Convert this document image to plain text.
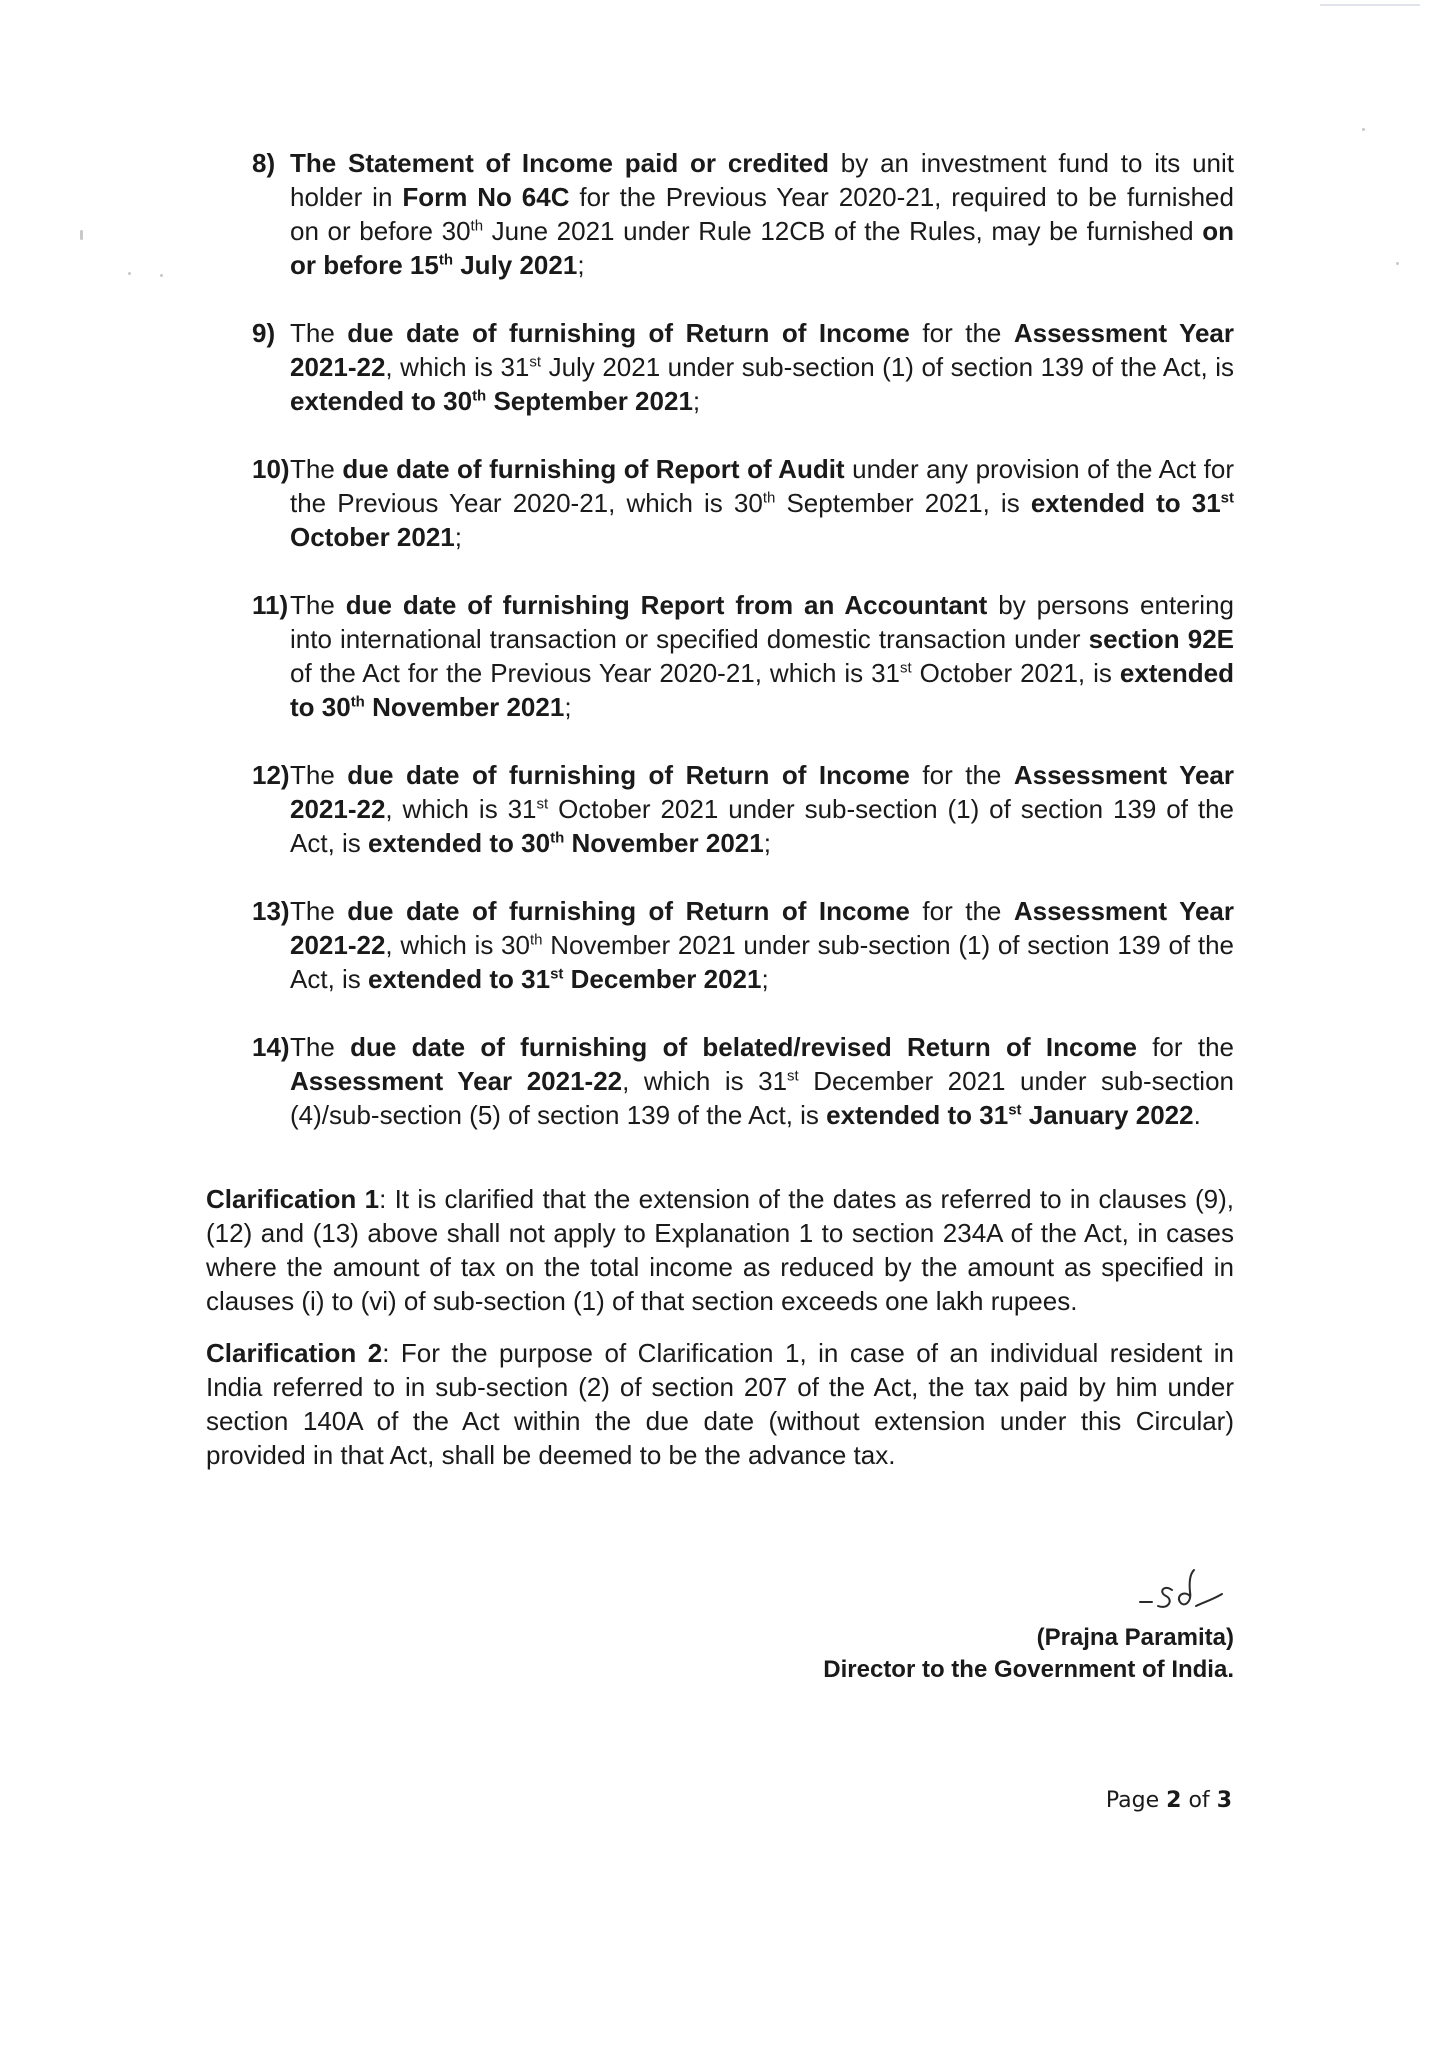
8) The Statement of Income paid or credited by an investment fund to its unit holder in Form No 64C for the Previous Year 2020-21, required to be furnished on or before 30th June 2021 under Rule 12CB of the Rules, may be furnished on or before 15th July 2021;
9) The due date of furnishing of Return of Income for the Assessment Year 2021-22, which is 31st July 2021 under sub-section (1) of section 139 of the Act, is extended to 30th September 2021;
10) The due date of furnishing of Report of Audit under any provision of the Act for the Previous Year 2020-21, which is 30th September 2021, is extended to 31st October 2021;
11) The due date of furnishing Report from an Accountant by persons entering into international transaction or specified domestic transaction under section 92E of the Act for the Previous Year 2020-21, which is 31st October 2021, is extended to 30th November 2021;
12) The due date of furnishing of Return of Income for the Assessment Year 2021-22, which is 31st October 2021 under sub-section (1) of section 139 of the Act, is extended to 30th November 2021;
13) The due date of furnishing of Return of Income for the Assessment Year 2021-22, which is 30th November 2021 under sub-section (1) of section 139 of the Act, is extended to 31st December 2021;
14) The due date of furnishing of belated/revised Return of Income for the Assessment Year 2021-22, which is 31st December 2021 under sub-section (4)/sub-section (5) of section 139 of the Act, is extended to 31st January 2022.
Clarification 1: It is clarified that the extension of the dates as referred to in clauses (9), (12) and (13) above shall not apply to Explanation 1 to section 234A of the Act, in cases where the amount of tax on the total income as reduced by the amount as specified in clauses (i) to (vi) of sub-section (1) of that section exceeds one lakh rupees.
Clarification 2: For the purpose of Clarification 1, in case of an individual resident in India referred to in sub-section (2) of section 207 of the Act, the tax paid by him under section 140A of the Act within the due date (without extension under this Circular) provided in that Act, shall be deemed to be the advance tax.
(Prajna Paramita)
Director to the Government of India.
Page 2 of 3
